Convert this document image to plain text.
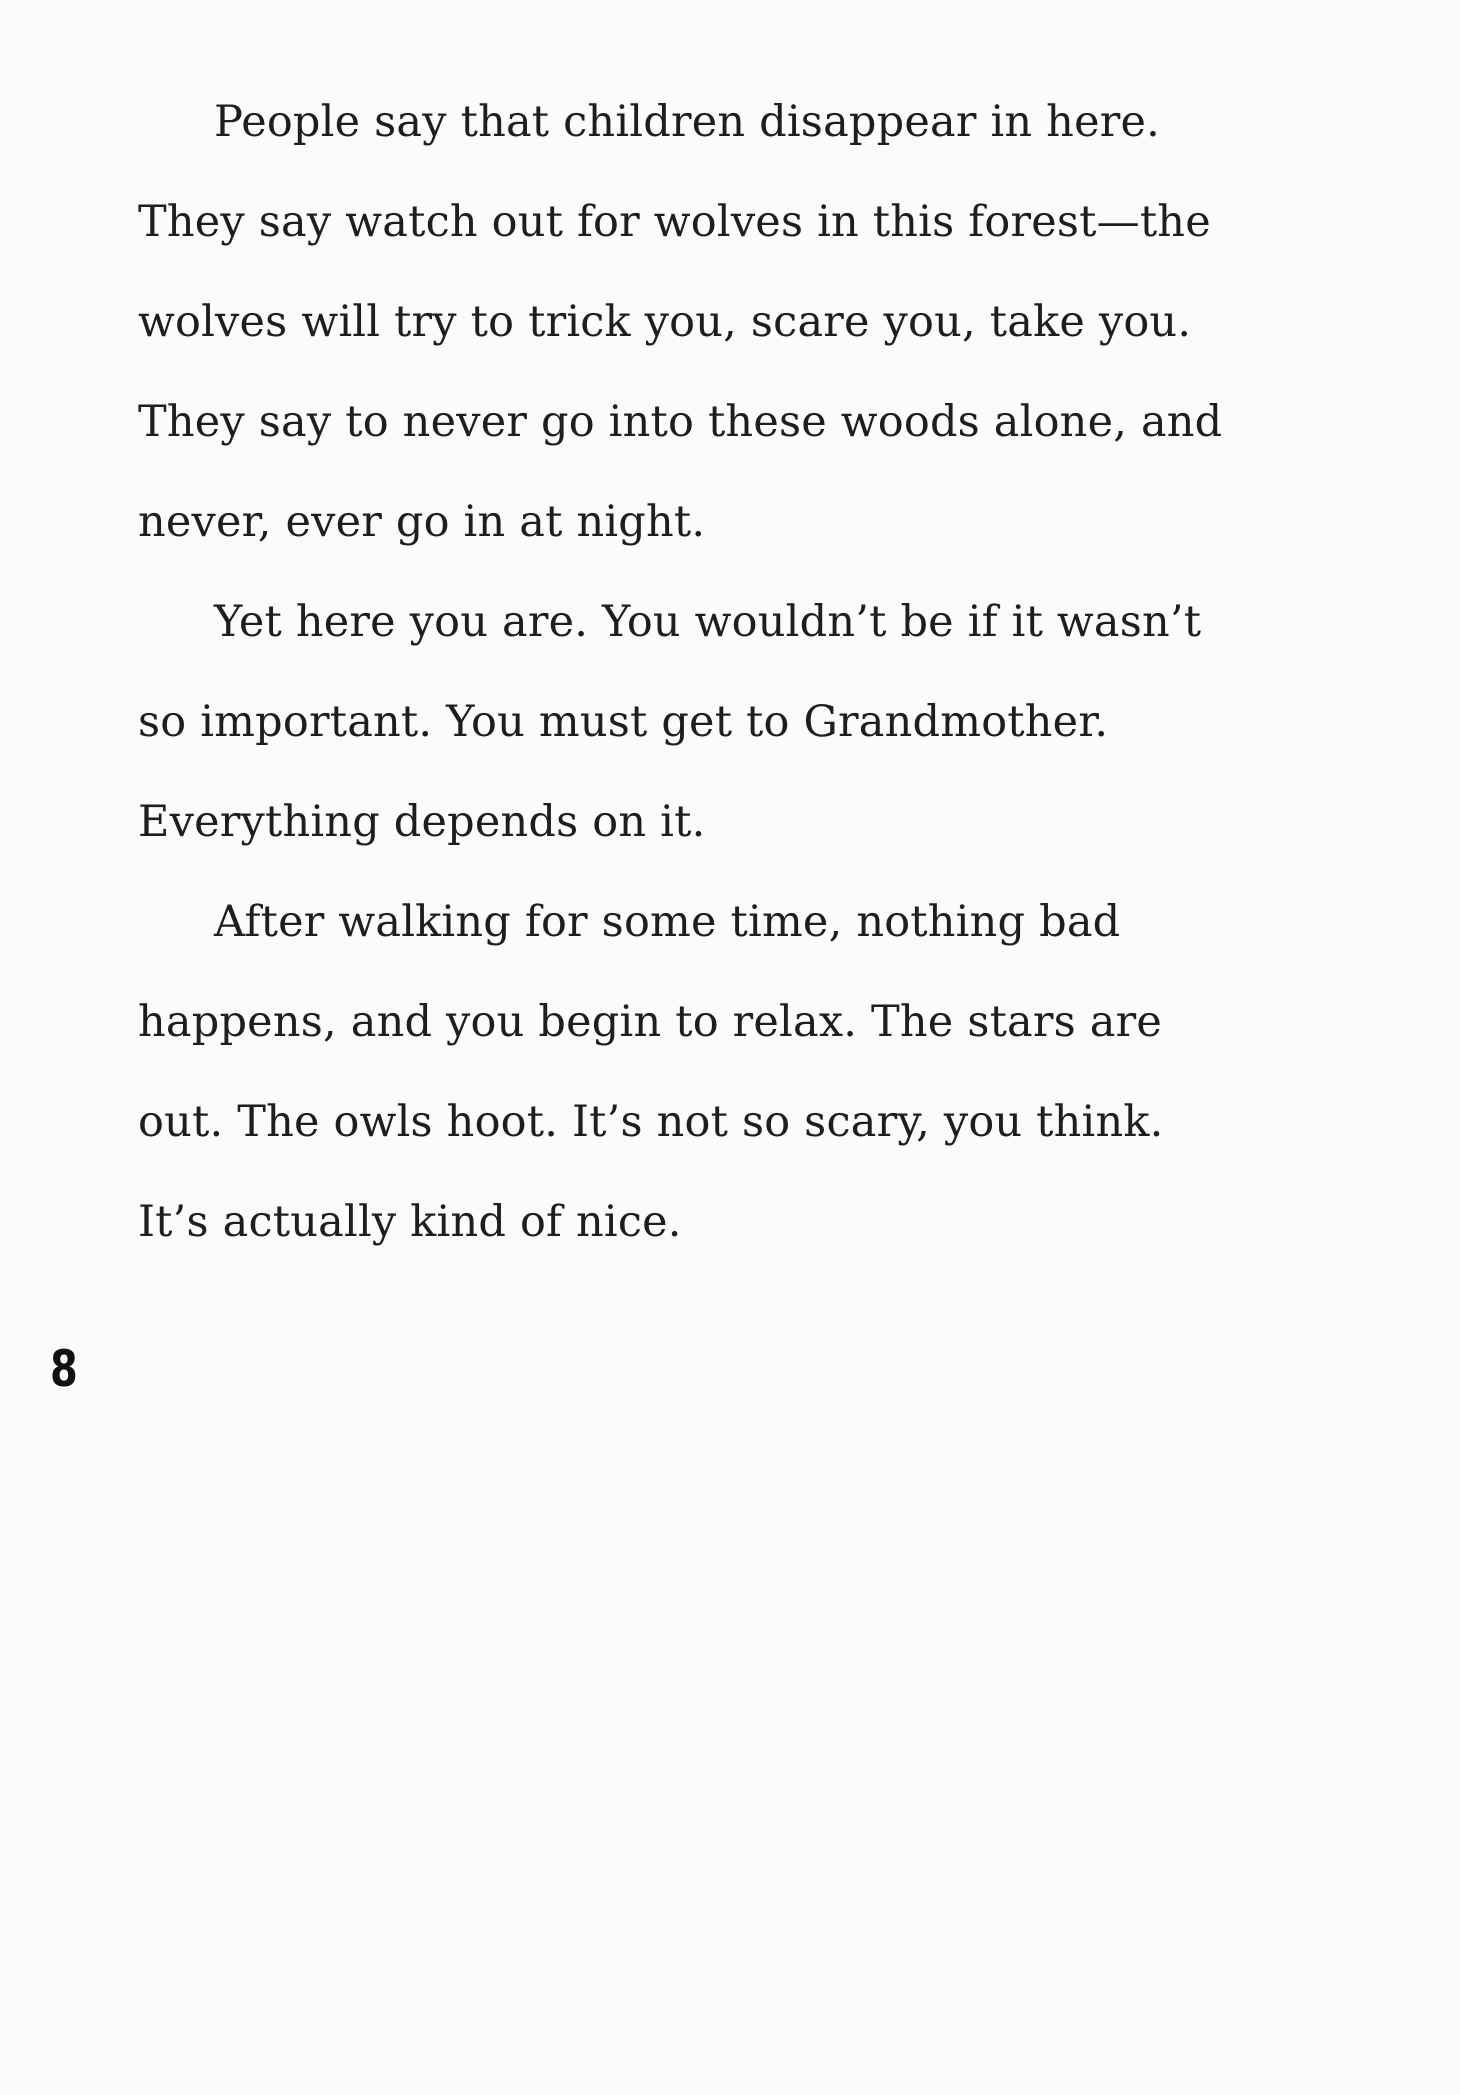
People say that children disappear in here.
They say watch out for wolves in this forest—the
wolves will try to trick you, scare you, take you.
They say to never go into these woods alone, and
never, ever go in at night.
Yet here you are. You wouldn’t be if it wasn’t
so important. You must get to Grandmother.
Everything depends on it.
After walking for some time, nothing bad
happens, and you begin to relax. The stars are
out. The owls hoot. It’s not so scary, you think.
It’s actually kind of nice.
8
